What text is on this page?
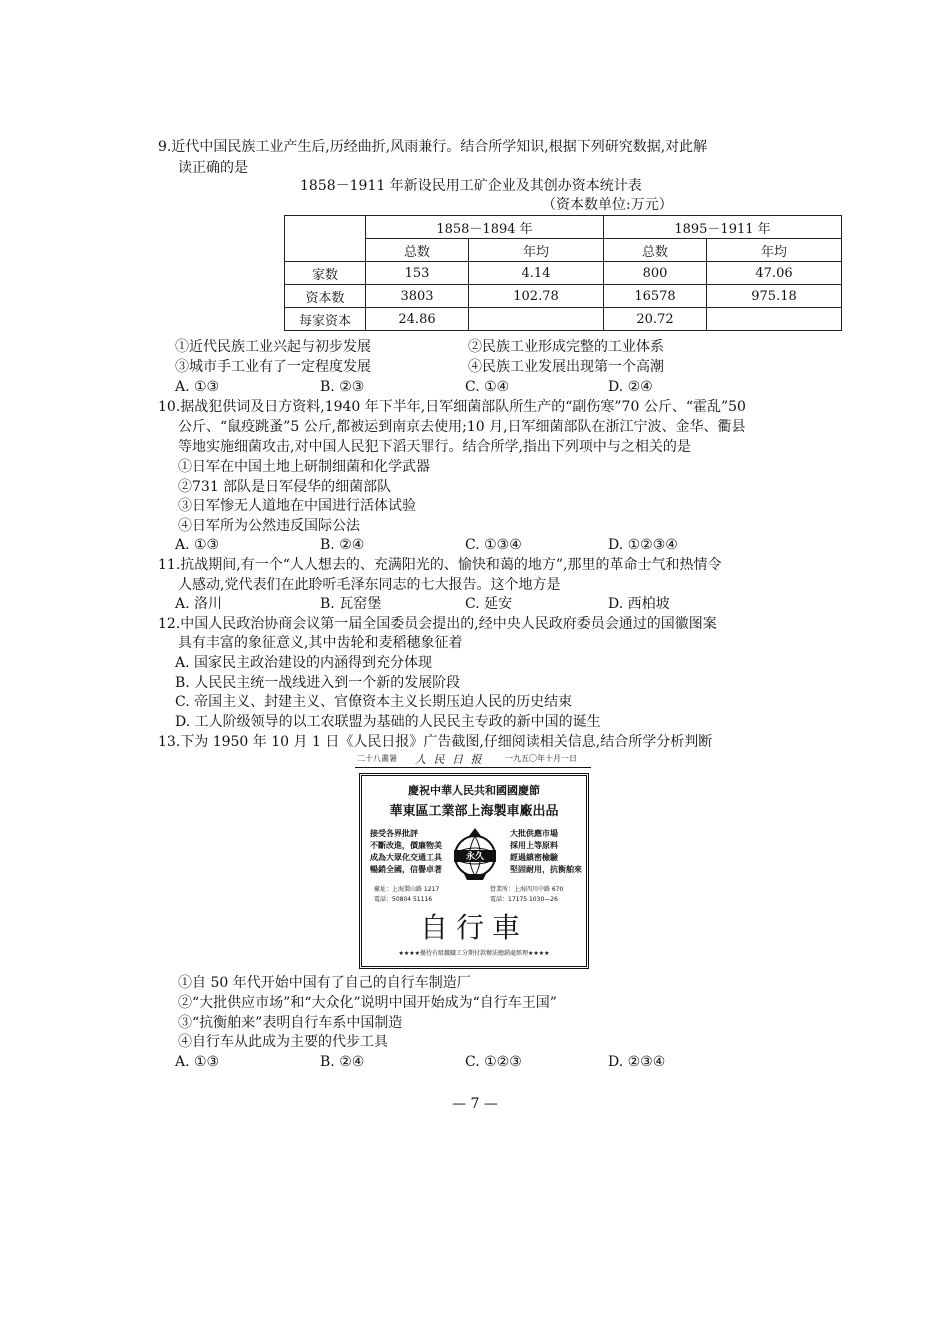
9.近代中国民族工业产生后,历经曲折,风雨兼行。结合所学知识,根据下列研究数据,对此解
读正确的是
1858－1911 年新设民用工矿企业及其创办资本统计表
（资本数单位:万元）
	1858－1894 年		1895－1911 年	
	总数	年均	总数	年均
家数	153	4.14	800	47.06
资本数	3803	102.78	16578	975.18
每家资本	24.86		20.72	
①近代民族工业兴起与初步发展	②民族工业形成完整的工业体系
③城市手工业有了一定程度发展	④民族工业发展出现第一个高潮
A. ①③	B. ②③	C. ①④	D. ②④
10.据战犯供词及日方资料,1940 年下半年,日军细菌部队所生产的“副伤寒”70 公斤、“霍乱”50
公斤、“鼠疫跳蚤”5 公斤,都被运到南京去使用;10 月,日军细菌部队在浙江宁波、金华、衢县
等地实施细菌攻击,对中国人民犯下滔天罪行。结合所学,指出下列项中与之相关的是
①日军在中国土地上研制细菌和化学武器
②731 部队是日军侵华的细菌部队
③日军惨无人道地在中国进行活体试验
④日军所为公然违反国际公法
A. ①③	B. ②④	C. ①③④	D. ①②③④
11.抗战期间,有一个“人人想去的、充满阳光的、愉快和蔼的地方”,那里的革命士气和热情令
人感动,党代表们在此聆听毛泽东同志的七大报告。这个地方是
A. 洛川	B. 瓦窑堡	C. 延安	D. 西柏坡
12.中国人民政治协商会议第一届全国委员会提出的,经中央人民政府委员会通过的国徽图案
具有丰富的象征意义,其中齿轮和麦稻穗象征着
A. 国家民主政治建设的内涵得到充分体现
B. 人民民主统一战线进入到一个新的发展阶段
C. 帝国主义、封建主义、官僚资本主义长期压迫人民的历史结束
D. 工人阶级领导的以工农联盟为基础的人民民主专政的新中国的诞生
13.下为 1950 年 10 月 1 日《人民日报》广告截图,仔细阅读相关信息,结合所学分析判断
二十八畫暑 人 民 日 报	一九五〇年十月一日
慶祝中華人民共和國國慶節
華東區工業部上海製車廠出品
接受各界批評
不斷改進，價廉物美
成為大眾化交通工具
暢銷全國，信譽卓著
大批供應市場
採用上等原料
經過縝密檢驗
堅固耐用，抗衡舶來
永久
廠址：上海製山路 1217
電話：50804 51116
營業所：上海四川中路 670
電話：17175 1030—26
自行車
★★★★優待有組織職工分期付款辦法總銷處經理★★★★
①自 50 年代开始中国有了自己的自行车制造厂
②“大批供应市场”和“大众化”说明中国开始成为“自行车王国”
③“抗衡舶来”表明自行车系中国制造
④自行车从此成为主要的代步工具
A. ①③	B. ②④	C. ①②③	D. ②③④
— 7 —
